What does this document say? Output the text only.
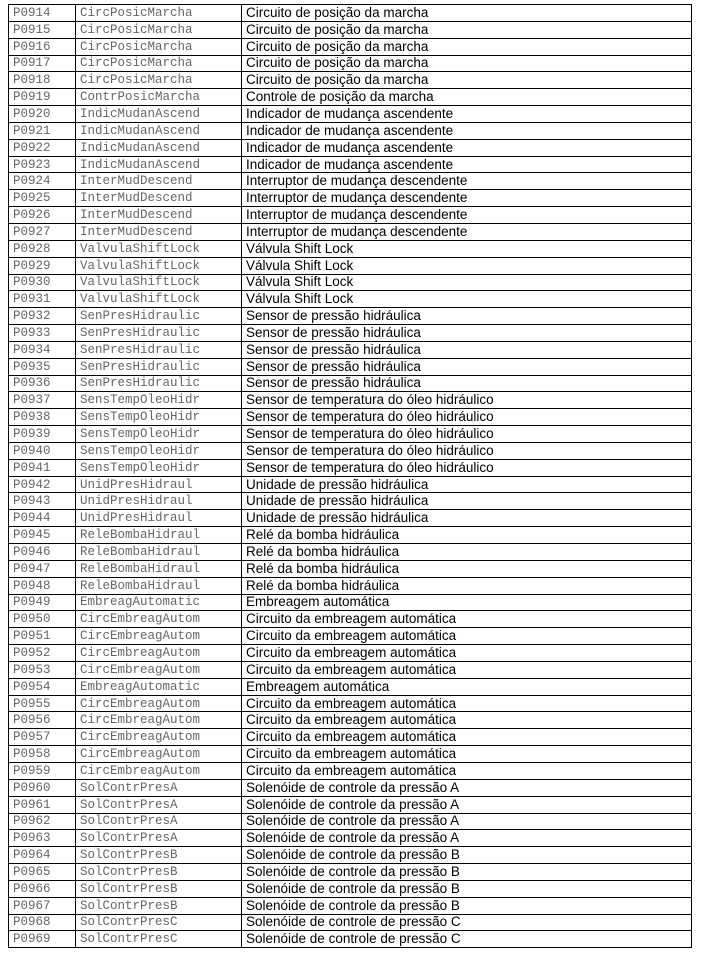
P0914	CircPosicMarcha	Circuito de posição da marcha
P0915	CircPosicMarcha	Circuito de posição da marcha
P0916	CircPosicMarcha	Circuito de posição da marcha
P0917	CircPosicMarcha	Circuito de posição da marcha
P0918	CircPosicMarcha	Circuito de posição da marcha
P0919	ContrPosicMarcha	Controle de posição da marcha
P0920	IndicMudanAscend	Indicador de mudança ascendente
P0921	IndicMudanAscend	Indicador de mudança ascendente
P0922	IndicMudanAscend	Indicador de mudança ascendente
P0923	IndicMudanAscend	Indicador de mudança ascendente
P0924	InterMudDescend	Interruptor de mudança descendente
P0925	InterMudDescend	Interruptor de mudança descendente
P0926	InterMudDescend	Interruptor de mudança descendente
P0927	InterMudDescend	Interruptor de mudança descendente
P0928	ValvulaShiftLock	Válvula Shift Lock
P0929	ValvulaShiftLock	Válvula Shift Lock
P0930	ValvulaShiftLock	Válvula Shift Lock
P0931	ValvulaShiftLock	Válvula Shift Lock
P0932	SenPresHidraulic	Sensor de pressão hidráulica
P0933	SenPresHidraulic	Sensor de pressão hidráulica
P0934	SenPresHidraulic	Sensor de pressão hidráulica
P0935	SenPresHidraulic	Sensor de pressão hidráulica
P0936	SenPresHidraulic	Sensor de pressão hidráulica
P0937	SensTempOleoHidr	Sensor de temperatura do óleo hidráulico
P0938	SensTempOleoHidr	Sensor de temperatura do óleo hidráulico
P0939	SensTempOleoHidr	Sensor de temperatura do óleo hidráulico
P0940	SensTempOleoHidr	Sensor de temperatura do óleo hidráulico
P0941	SensTempOleoHidr	Sensor de temperatura do óleo hidráulico
P0942	UnidPresHidraul	Unidade de pressão hidráulica
P0943	UnidPresHidraul	Unidade de pressão hidráulica
P0944	UnidPresHidraul	Unidade de pressão hidráulica
P0945	ReleBombaHidraul	Relé da bomba hidráulica
P0946	ReleBombaHidraul	Relé da bomba hidráulica
P0947	ReleBombaHidraul	Relé da bomba hidráulica
P0948	ReleBombaHidraul	Relé da bomba hidráulica
P0949	EmbreagAutomatic	Embreagem automática
P0950	CircEmbreagAutom	Circuito da embreagem automática
P0951	CircEmbreagAutom	Circuito da embreagem automática
P0952	CircEmbreagAutom	Circuito da embreagem automática
P0953	CircEmbreagAutom	Circuito da embreagem automática
P0954	EmbreagAutomatic	Embreagem automática
P0955	CircEmbreagAutom	Circuito da embreagem automática
P0956	CircEmbreagAutom	Circuito da embreagem automática
P0957	CircEmbreagAutom	Circuito da embreagem automática
P0958	CircEmbreagAutom	Circuito da embreagem automática
P0959	CircEmbreagAutom	Circuito da embreagem automática
P0960	SolContrPresA	Solenóide de controle da pressão A
P0961	SolContrPresA	Solenóide de controle da pressão A
P0962	SolContrPresA	Solenóide de controle da pressão A
P0963	SolContrPresA	Solenóide de controle da pressão A
P0964	SolContrPresB	Solenóide de controle da pressão B
P0965	SolContrPresB	Solenóide de controle da pressão B
P0966	SolContrPresB	Solenóide de controle da pressão B
P0967	SolContrPresB	Solenóide de controle da pressão B
P0968	SolContrPresC	Solenóide de controle de pressão C
P0969	SolContrPresC	Solenóide de controle de pressão C
